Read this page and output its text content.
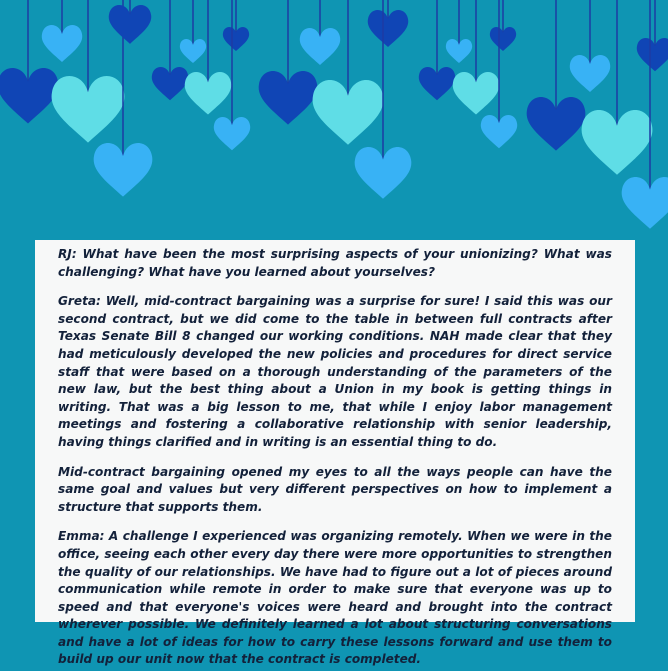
RJ: What have been the most surprising aspects of your unionizing? What was challenging? What have you learned about yourselves?

Greta: Well, mid-contract bargaining was a surprise for sure! I said this was our second contract, but we did come to the table in between full contracts after Texas Senate Bill 8 changed our working conditions. NAH made clear that they had meticulously developed the new policies and procedures for direct service staff that were based on a thorough understanding of the parameters of the new law, but the best thing about a Union in my book is getting things in writing. That was a big lesson to me, that while I enjoy labor management meetings and fostering a collaborative relationship with senior leadership, having things clarified and in writing is an essential thing to do.

Mid-contract bargaining opened my eyes to all the ways people can have the same goal and values but very different perspectives on how to implement a structure that supports them.

Emma: A challenge I experienced was organizing remotely. When we were in the office, seeing each other every day there were more opportunities to strengthen the quality of our relationships. We have had to figure out a lot of pieces around communication while remote in order to make sure that everyone was up to speed and that everyone's voices were heard and brought into the contract wherever possible. We definitely learned a lot about structuring conversations and have a lot of ideas for how to carry these lessons forward and use them to build up our unit now that the contract is completed.
